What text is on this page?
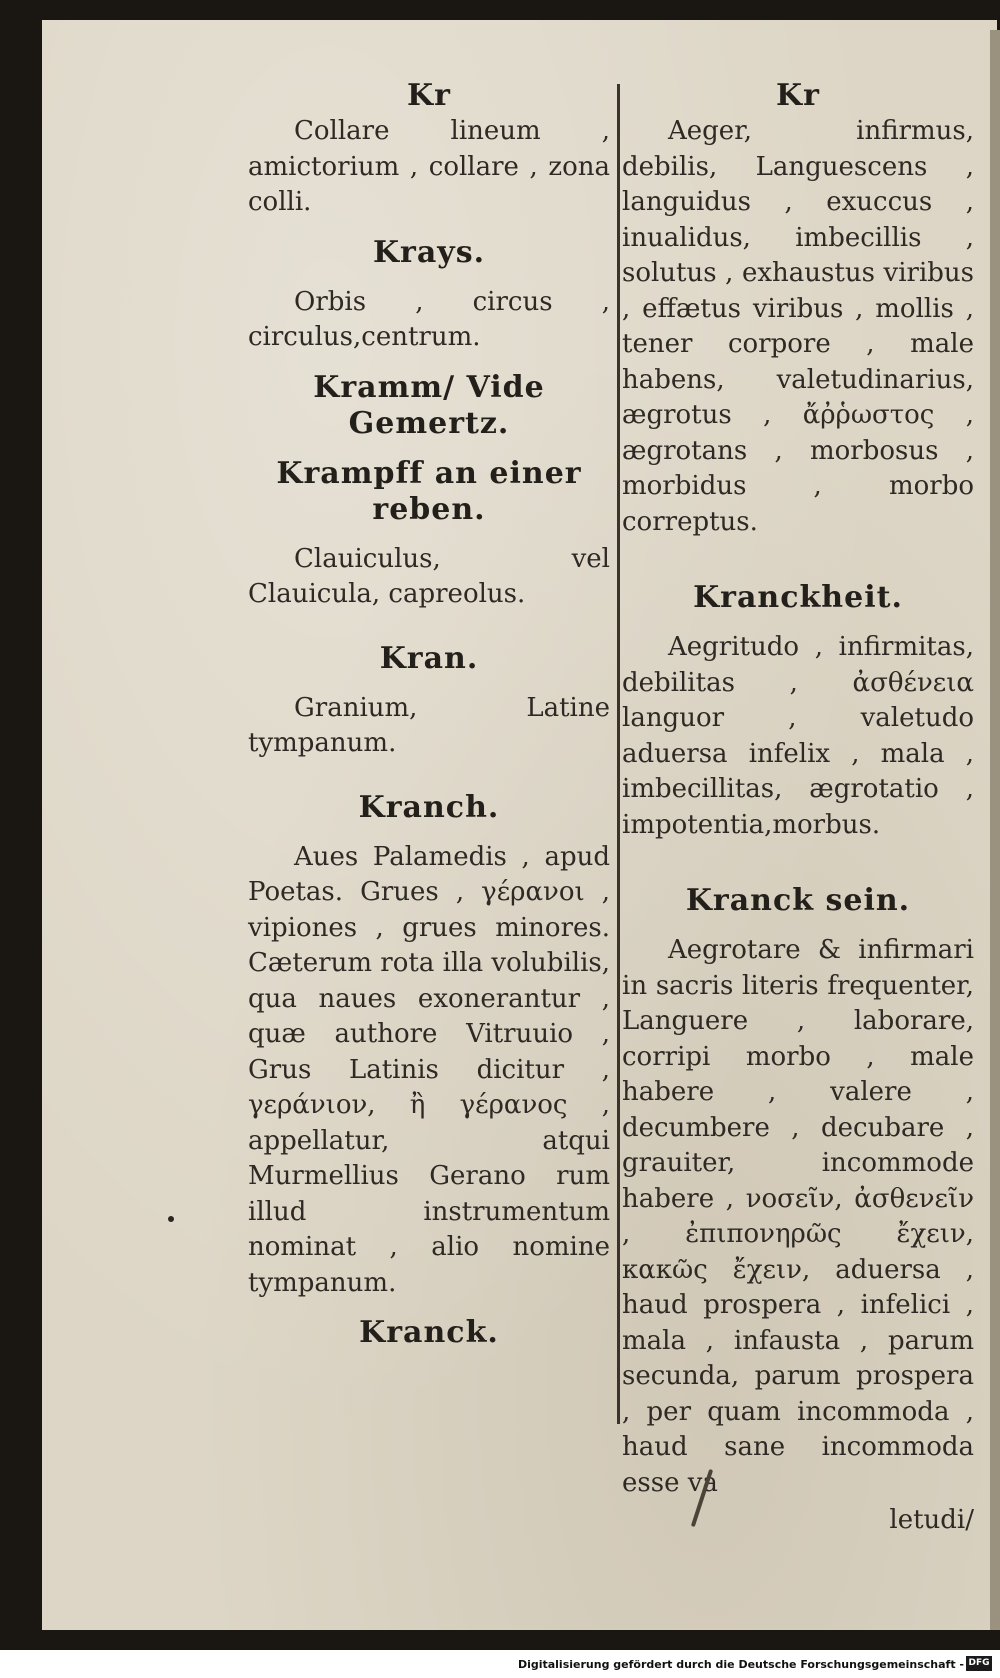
Kr

Collare lineum , amictorium , collare , zona colli.

Krays.

Orbis , circus , circulus,centrum.

Kramm/ Vide Gemertz.
Krampff an einer reben.

Clauiculus, vel Clauicula, capreolus.

Kran.

Granium, Latine tympanum.

Kranch.

Aues Palamedis , apud Poetas. Grues , γέρανοι , vipiones , grues minores. Cæterum rota illa volubilis, qua naues exonerantur , quæ authore Vitruuio , Grus Latinis dicitur , γεράνιον, ἢ γέρανος , appellatur, atqui Murmellius Gerano rum illud instrumentum nominat , alio nomine tympanum.

Kranck.
Kr

Aeger, infirmus, debilis, Languescens , languidus , exuccus , inualidus, imbecillis , solutus , exhaustus viribus , effætus viribus , mollis , tener corpore , male habens, valetudinarius, ægrotus , ἄῤῥωστος , ægrotans , morbosus , morbidus , morbo correptus.

Kranckheit.

Aegritudo , infirmitas, debilitas , ἀσθένεια languor , valetudo aduersa infelix , mala , imbecillitas, ægrotatio , impotentia,morbus.

Kranck sein.

Aegrotare & infirmari in sacris literis frequenter, Languere , laborare, corripi morbo , male habere , valere , decumbere , decubare , grauiter, incommode habere , νοσεῖν, ἀσθενεῖν , ἐπιπονηρῶς ἔχειν, κακῶς ἔχειν, aduersa , haud prospera , infelici , mala , infausta , parum secunda, parum prospera , per quam incommoda , haud sane incommoda esse va

letudi/
Digitalisierung gefördert durch die Deutsche Forschungsgemeinschaft - DFG
